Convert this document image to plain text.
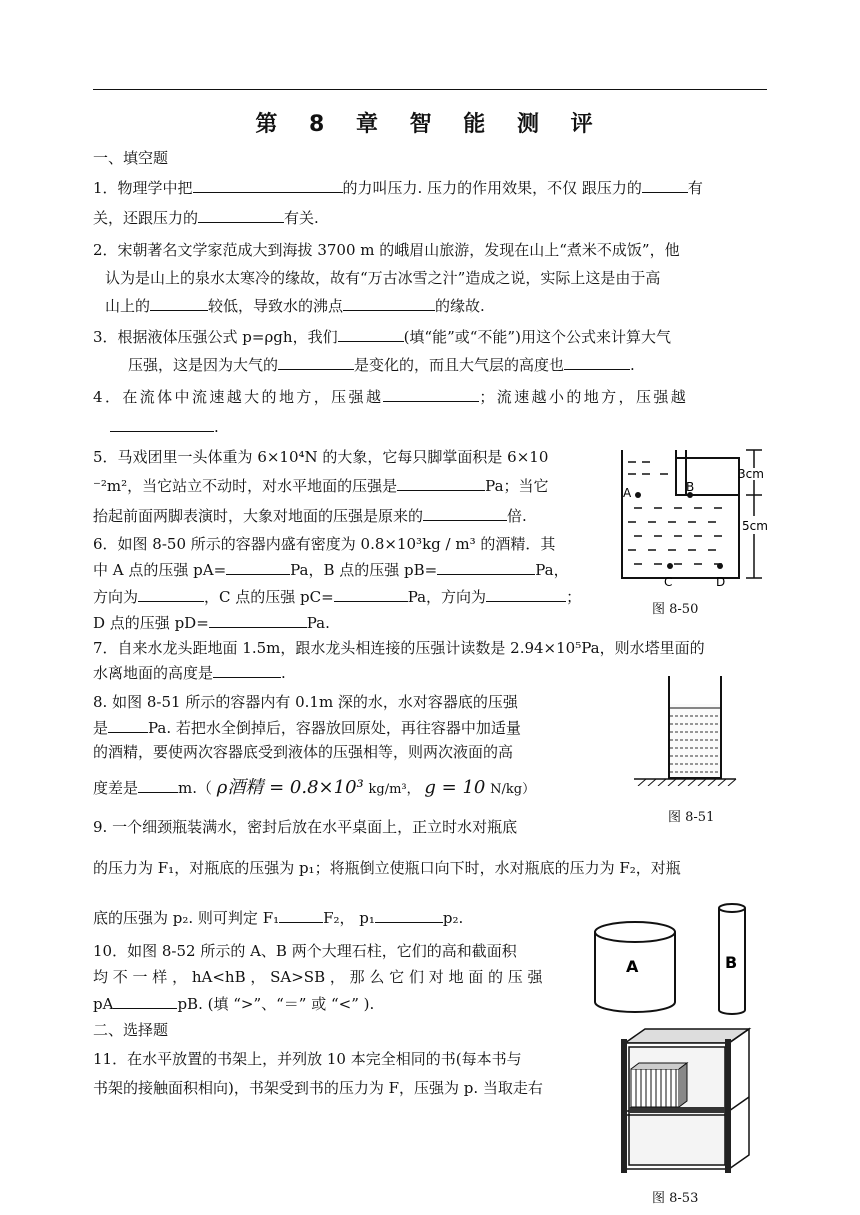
第 8 章 智 能 测 评
一、填空题
1．物理学中把	的力叫压力. 压力的作用效果，不仅 跟压力的	有
关，还跟压力的	有关.
2．宋朝著名文学家范成大到海拔 3700 m 的峨眉山旅游，发现在山上“煮米不成饭”，他
认为是山上的泉水太寒冷的缘故，故有“万古冰雪之汁”造成之说，实际上这是由于高
山上的	较低，导致水的沸点	的缘故.
3．根据液体压强公式 p=ρgh，我们	(填“能”或“不能”)用这个公式来计算大气
压强，这是因为大气的	是变化的，而且大气层的高度也	.
4．在流体中流速越大的地方，压强越	；流速越小的地方，压强越
.
5．马戏团里一头体重为 6×10⁴N 的大象，它每只脚掌面积是 6×10
⁻²m²，当它站立不动时，对水平地面的压强是	Pa；当它
抬起前面两脚表演时，大象对地面的压强是原来的	倍.
6．如图 8-50 所示的容器内盛有密度为 0.8×10³kg / m³ 的酒精．其
中 A 点的压强 pA=	Pa，B 点的压强 pB=	Pa，
方向为	，C 点的压强 pC=	Pa，方向为	；
D 点的压强 pD=	Pa.
7．自来水龙头距地面 1.5m，跟水龙头相连接的压强计读数是 2.94×10⁵Pa，则水塔里面的
水离地面的高度是	.
8. 如图 8-51 所示的容器内有 0.1m 深的水，水对容器底的压强
是	Pa. 若把水全倒掉后，容器放回原处，再往容器中加适量
的酒精，要使两次容器底受到液体的压强相等，则两次液面的高
度差是	m.（ ρ酒精 = 0.8×10³ kg/m³， g = 10 N/kg）
9. 一个细颈瓶装满水，密封后放在水平桌面上，正立时水对瓶底
的压力为 F₁，对瓶底的压强为 p₁；将瓶倒立使瓶口向下时，水对瓶底的压力为 F₂，对瓶
底的压强为 p₂. 则可判定 F₁	F₂， p₁	p₂.
10．如图 8-52 所示的 A、B 两个大理石柱，它们的高和截面积
均 不 一 样 ， hA<hB ， SA>SB ， 那 么 它 们 对 地 面 的 压 强
pA	pB. (填 “>”、“＝” 或 “<” ).
二、选择题
11．在水平放置的书架上，并列放 10 本完全相同的书(每本书与
书架的接触面积相向)，书架受到书的压力为 F，压强为 p. 当取走右
A	B
C	D
3cm
5cm
图 8-50
图 8-51
A	B
图 8-53
